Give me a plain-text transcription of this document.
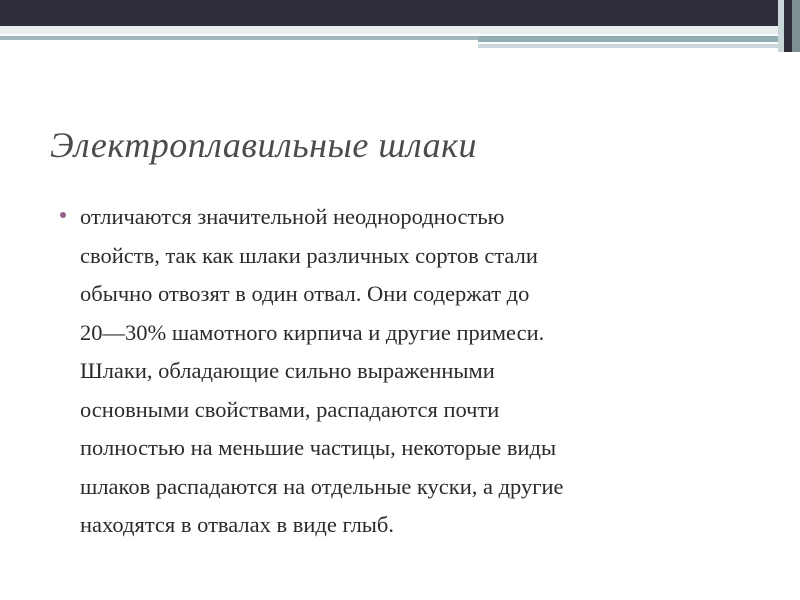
Электроплавильные шлаки
отличаются значительной неоднородностью
свойств, так как шлаки различных сортов стали
обычно отвозят в один отвал. Они содержат до
20—30% шамотного кирпича и другие примеси.
Шлаки, обладающие сильно выраженными
основными свойствами, распадаются почти
полностью на меньшие частицы, некоторые виды
шлаков распадаются на отдельные куски, а другие
находятся в отвалах в виде глыб.
